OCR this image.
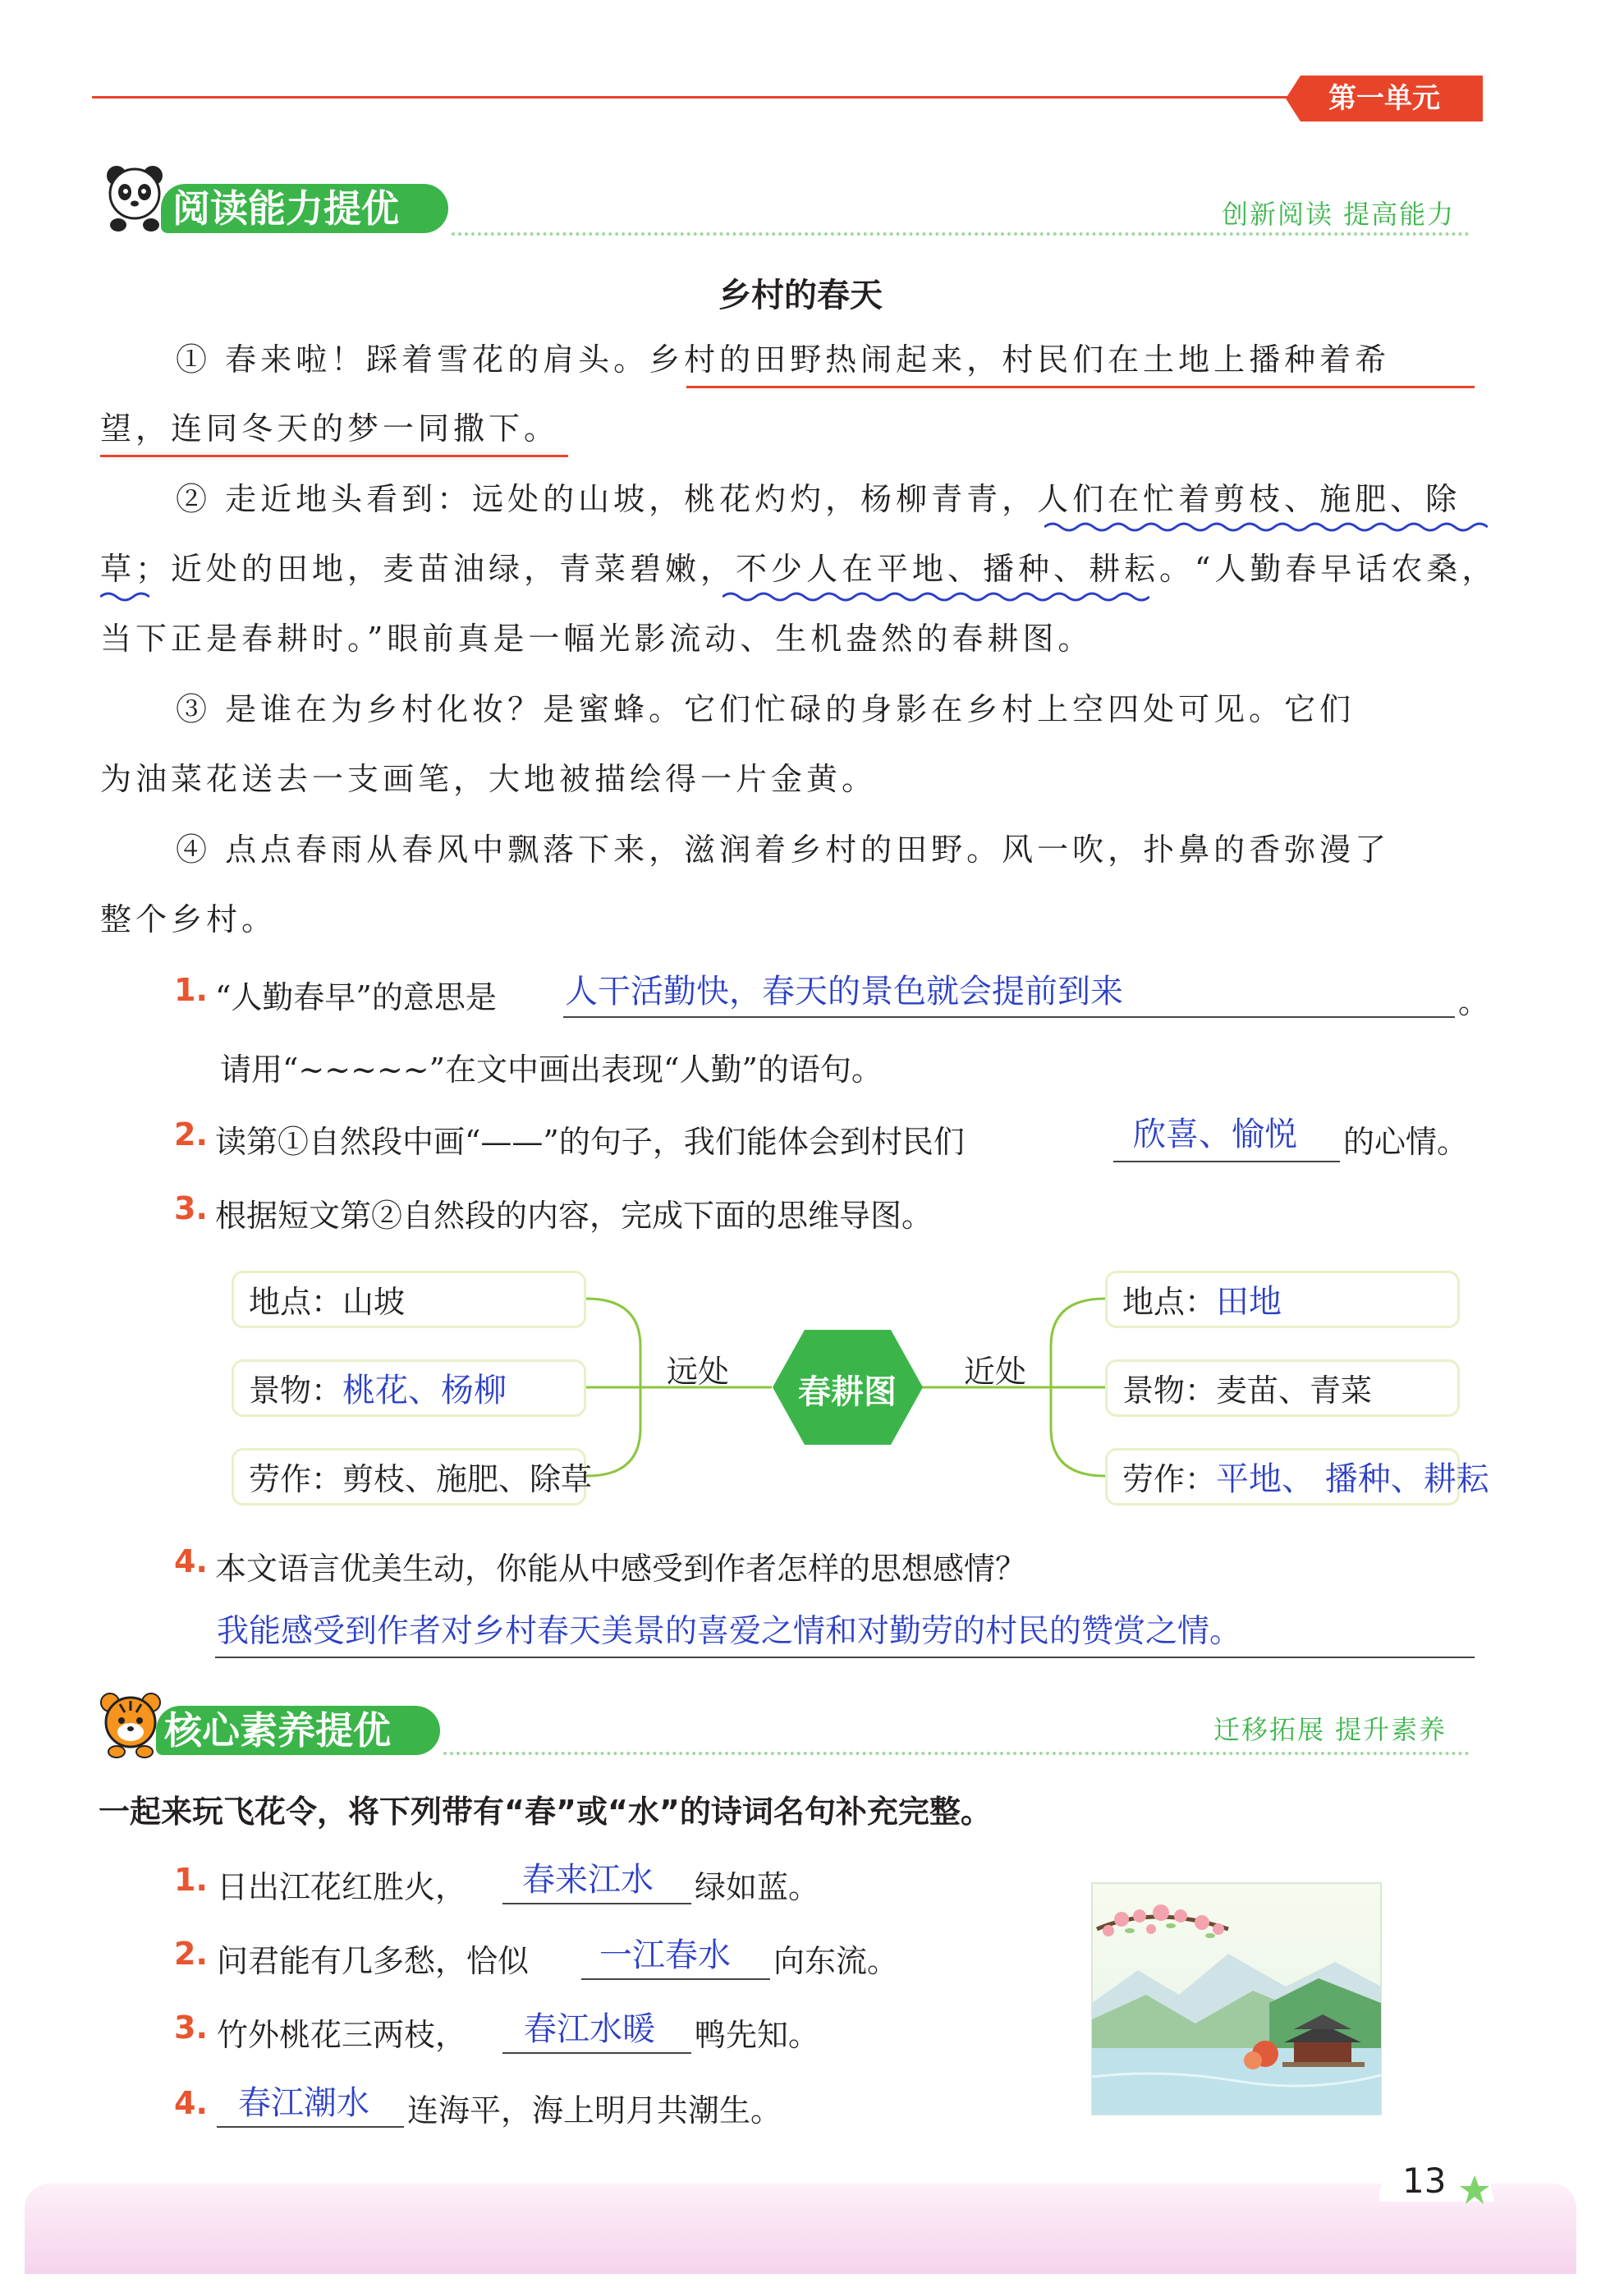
第一单元
阅读能力提优	创新阅读 提高能力
乡村的春天
① 春来啦！踩着雪花的肩头。乡村的田野热闹起来，村民们在土地上播种着希
望，连同冬天的梦一同撒下。
② 走近地头看到：远处的山坡，桃花灼灼，杨柳青青，人们在忙着剪枝、施肥、除
草；近处的田地，麦苗油绿，青菜碧嫩，不少人在平地、播种、耕耘。“人勤春早话农桑，
当下正是春耕时。”眼前真是一幅光影流动、生机盎然的春耕图。
③ 是谁在为乡村化妆？是蜜蜂。它们忙碌的身影在乡村上空四处可见。它们
为油菜花送去一支画笔，大地被描绘得一片金黄。
④ 点点春雨从春风中飘落下来，滋润着乡村的田野。风一吹，扑鼻的香弥漫了
整个乡村。
1. “人勤春早”的意思是 人干活勤快，春天的景色就会提前到来	。
请用“~~~~~”在文中画出表现“人勤”的语句。
2. 读第①自然段中画“——”的句子，我们能体会到村民们	欣喜、愉悦 的心情。
3. 根据短文第②自然段的内容，完成下面的思维导图。
春耕图
远处	近处
地点：山坡
景物：桃花、杨柳
劳作：剪枝、施肥、除草
地点：田地
景物：麦苗、青菜
劳作：平地、 播种、耕耘
4. 本文语言优美生动，你能从中感受到作者怎样的思想感情？
我能感受到作者对乡村春天美景的喜爱之情和对勤劳的村民的赞赏之情。
核心素养提优	迁移拓展 提升素养
一起来玩飞花令，将下列带有“春”或“水”的诗词名句补充完整。
1. 日出江花红胜火， 春来江水 绿如蓝。
2. 问君能有几多愁，恰似 一江春水 向东流。
3. 竹外桃花三两枝， 春江水暖 鸭先知。
4. 春江潮水 连海平，海上明月共潮生。
13
